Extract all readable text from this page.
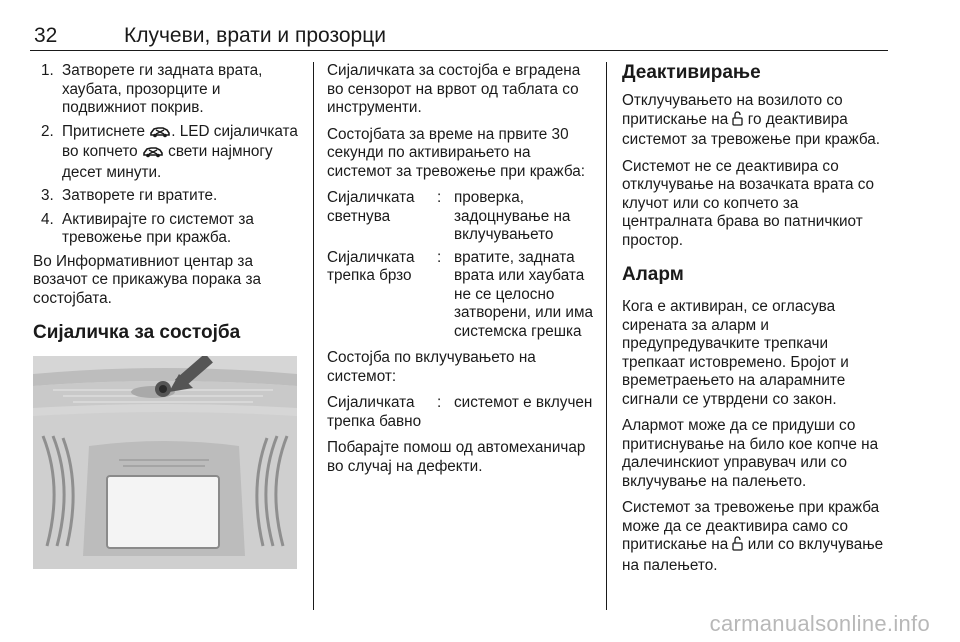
32	Клучеви, врати и прозорци
1. Затворете ги задната врата, хаубата, прозорците и подвижниот покрив.
2. Притиснете . LED сијаличката во копчето  свети најмногу десет минути.
3. Затворете ги вратите.
4. Активирајте го системот за тревожење при кражба.

Во Информативниот центар за возачот се прикажува порака за состојбата.

Сијаличка за состојба

Сијаличката за состојба е вградена во сензорот на врвот од таблата со инструменти.

Состојбата за време на првите 30 секунди по активирањето на системот за тревожење при кражба:

Сијаличката светнува
: проверка, задоцнување на вклучувањето
Сијаличката трепка брзо
: вратите, задната врата или хаубата не се целосно затворени, или има системска грешка

Состојба по вклучувањето на системот:

Сијаличката трепка бавно
: системот е вклучен

Побарајте помош од автомеханичар во случај на дефекти.

Деактивирање

Отклучувањето на возилото со притискање на  го деактивира системот за тревожење при кражба.

Системот не се деактивира со отклучување на возачката врата со клучот или со копчето за централната брава во патничкиот простор.

Аларм

Кога е активиран, се огласува сирената за аларм и предупредувачките трепкачи трепкаат истовремено. Бројот и времетраењето на аларамните сигнали се утврдени со закон.

Алармот може да се придуши со притиснување на било кое копче на далечинскиот управувач или со вклучување на палењето.

Системот за тревожење при кражба може да се деактивира само со притискање на  или со вклучување на палењето.

carmanualsonline.info
